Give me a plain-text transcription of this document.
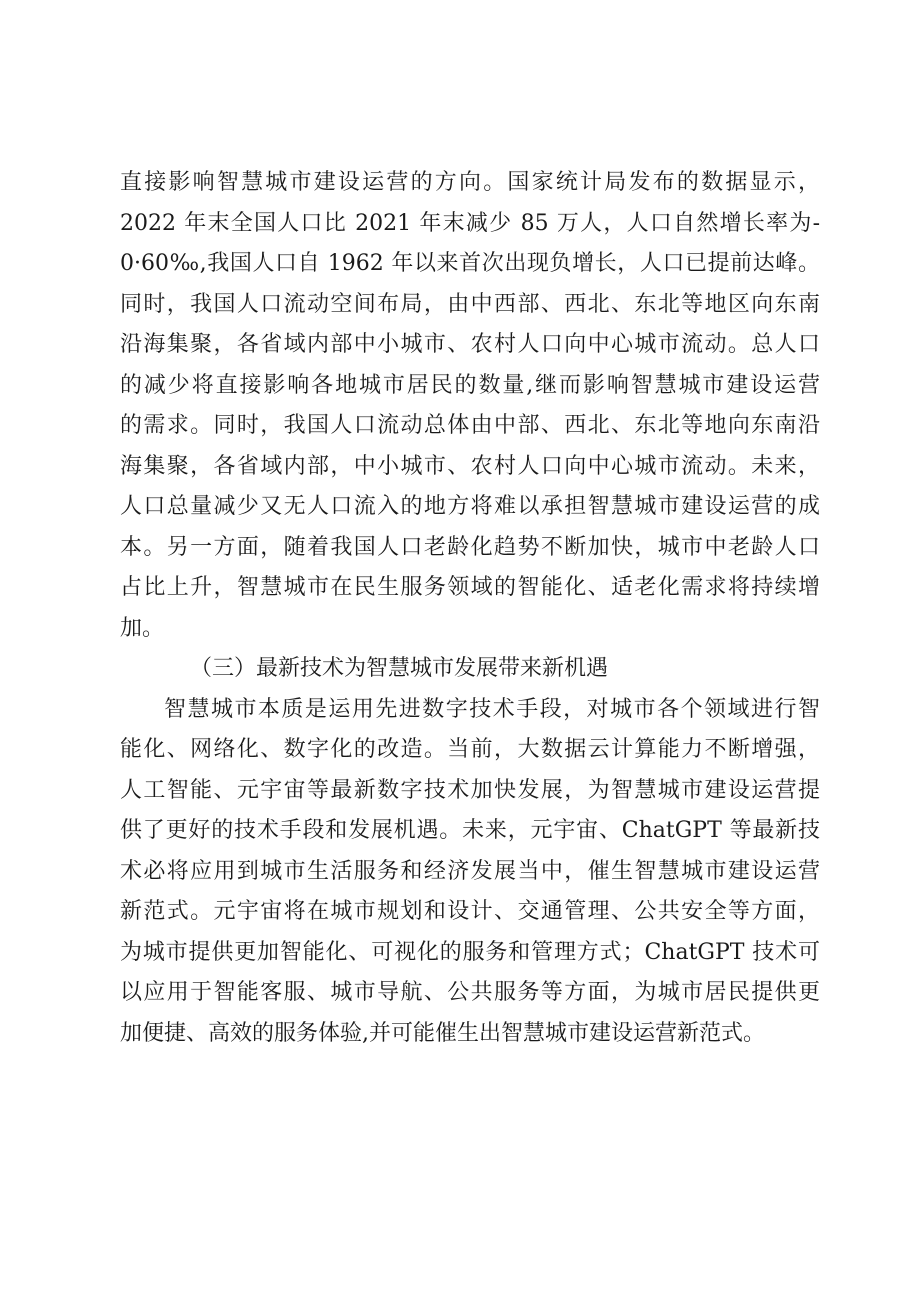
直接影响智慧城市建设运营的方向。国家统计局发布的数据显示，
2022 年末全国人口比 2021 年末减少 85 万人，人口自然增长率为-
0·60‰,我国人口自 1962 年以来首次出现负增长，人口已提前达峰。
同时，我国人口流动空间布局，由中西部、西北、东北等地区向东南
沿海集聚，各省域内部中小城市、农村人口向中心城市流动。总人口
的减少将直接影响各地城市居民的数量,继而影响智慧城市建设运营
的需求。同时，我国人口流动总体由中部、西北、东北等地向东南沿
海集聚，各省域内部，中小城市、农村人口向中心城市流动。未来，
人口总量减少又无人口流入的地方将难以承担智慧城市建设运营的成
本。另一方面，随着我国人口老龄化趋势不断加快，城市中老龄人口
占比上升，智慧城市在民生服务领域的智能化、适老化需求将持续增
加。
（三）最新技术为智慧城市发展带来新机遇
智慧城市本质是运用先进数字技术手段，对城市各个领域进行智
能化、网络化、数字化的改造。当前，大数据云计算能力不断增强，
人工智能、元宇宙等最新数字技术加快发展，为智慧城市建设运营提
供了更好的技术手段和发展机遇。未来，元宇宙、ChatGPT 等最新技
术必将应用到城市生活服务和经济发展当中，催生智慧城市建设运营
新范式。元宇宙将在城市规划和设计、交通管理、公共安全等方面，
为城市提供更加智能化、可视化的服务和管理方式；ChatGPT 技术可
以应用于智能客服、城市导航、公共服务等方面，为城市居民提供更
加便捷、高效的服务体验,并可能催生出智慧城市建设运营新范式。
